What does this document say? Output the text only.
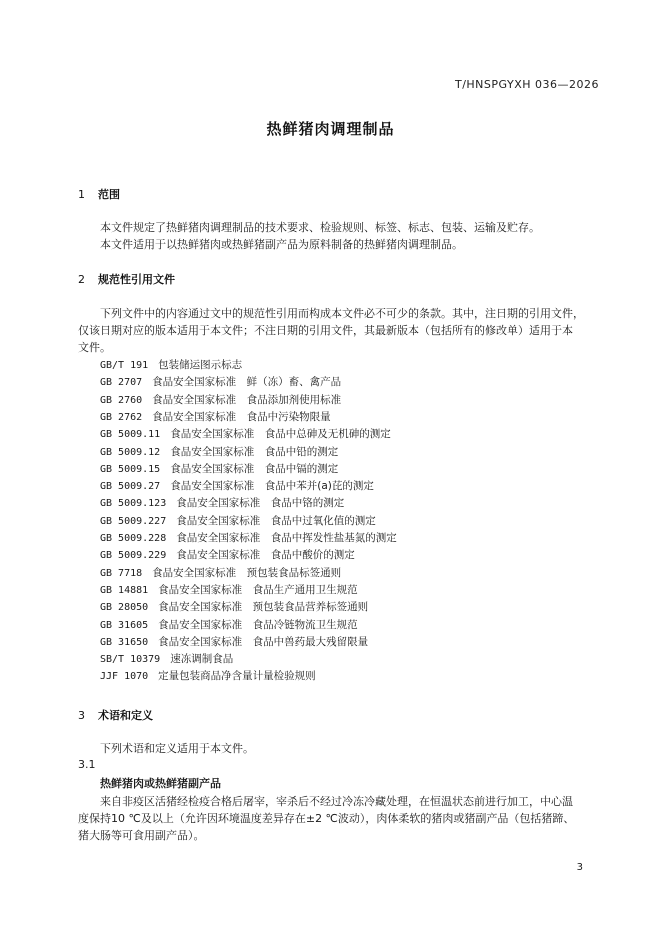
T/HNSPGYXH 036—2026
热鲜猪肉调理制品
1 范围
本文件规定了热鲜猪肉调理制品的技术要求、检验规则、标签、标志、包装、运输及贮存。
本文件适用于以热鲜猪肉或热鲜猪副产品为原料制备的热鲜猪肉调理制品。
2 规范性引用文件
下列文件中的内容通过文中的规范性引用而构成本文件必不可少的条款。其中，注日期的引用文件，
仅该日期对应的版本适用于本文件；不注日期的引用文件，其最新版本（包括所有的修改单）适用于本
文件。
GB/T 191 包装储运图示标志
GB 2707 食品安全国家标准　鲜（冻）畜、禽产品
GB 2760 食品安全国家标准　食品添加剂使用标准
GB 2762 食品安全国家标准　食品中污染物限量
GB 5009.11 食品安全国家标准　食品中总砷及无机砷的测定
GB 5009.12 食品安全国家标准　食品中铅的测定
GB 5009.15 食品安全国家标准　食品中镉的测定
GB 5009.27 食品安全国家标准　食品中苯并(a)芘的测定
GB 5009.123 食品安全国家标准　食品中铬的测定
GB 5009.227 食品安全国家标准　食品中过氧化值的测定
GB 5009.228 食品安全国家标准　食品中挥发性盐基氮的测定
GB 5009.229 食品安全国家标准　食品中酸价的测定
GB 7718 食品安全国家标准　预包装食品标签通则
GB 14881 食品安全国家标准　食品生产通用卫生规范
GB 28050 食品安全国家标准　预包装食品营养标签通则
GB 31605 食品安全国家标准　食品冷链物流卫生规范
GB 31650 食品安全国家标准　食品中兽药最大残留限量
SB/T 10379 速冻调制食品
JJF 1070 定量包装商品净含量计量检验规则
3 术语和定义
下列术语和定义适用于本文件。
3.1
热鲜猪肉或热鲜猪副产品
来自非疫区活猪经检疫合格后屠宰，宰杀后不经过冷冻冷藏处理，在恒温状态前进行加工，中心温
度保持10 ℃及以上（允许因环境温度差异存在±2 ℃波动），肉体柔软的猪肉或猪副产品（包括猪蹄、
猪大肠等可食用副产品）。
3
